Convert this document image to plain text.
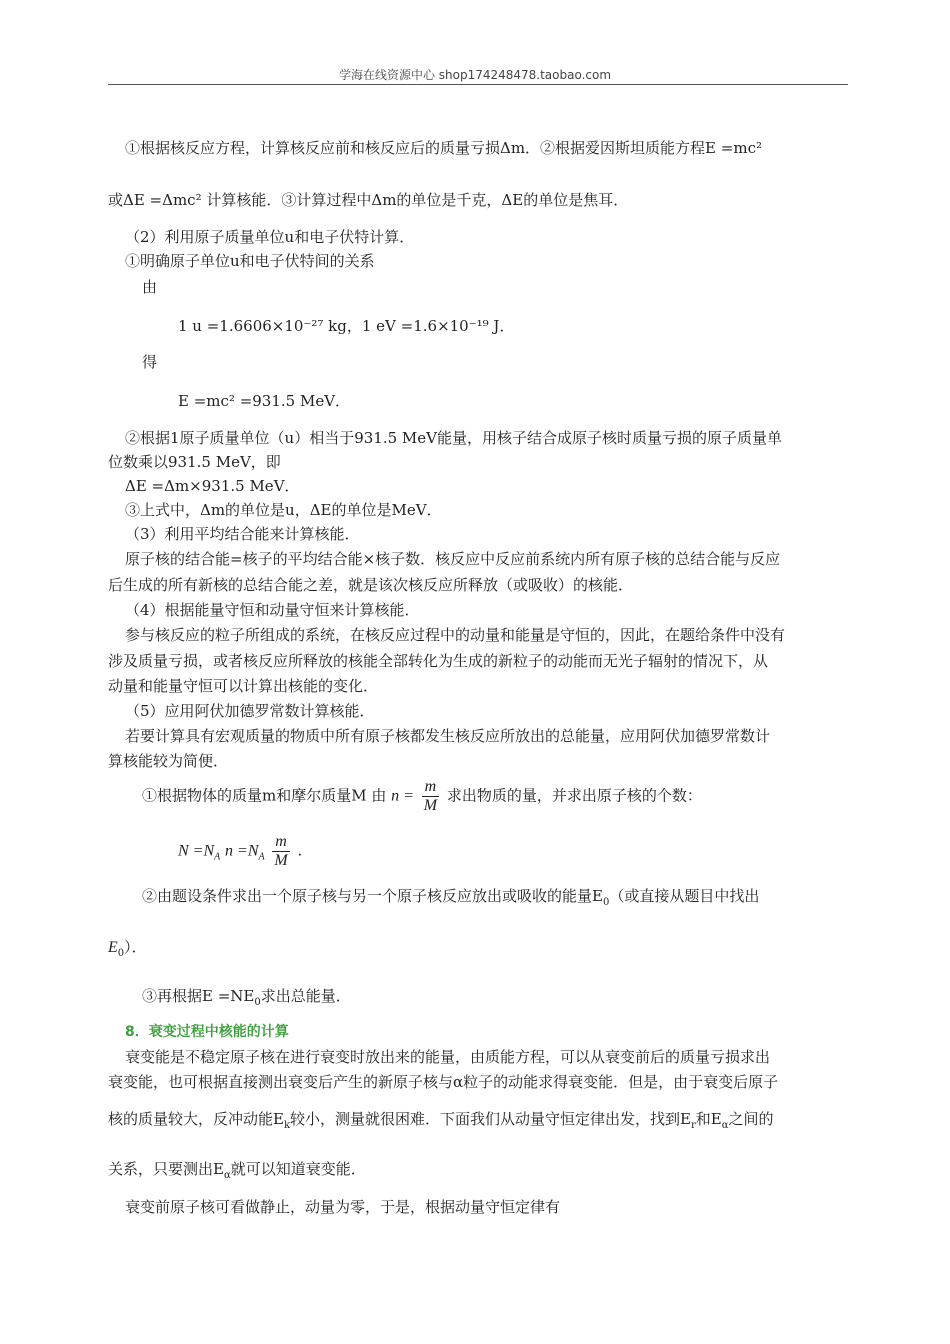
学海在线资源中心 shop174248478.taobao.com
①根据核反应方程，计算核反应前和核反应后的质量亏损Δm．②根据爱因斯坦质能方程E =mc²
或ΔE =Δmc² 计算核能．③计算过程中Δm的单位是千克，ΔE的单位是焦耳．
（2）利用原子质量单位u和电子伏特计算．
①明确原子单位u和电子伏特间的关系
由
1 u =1.6606×10⁻²⁷ kg，1 eV =1.6×10⁻¹⁹ J．
得
E =mc² =931.5 MeV．
②根据1原子质量单位（u）相当于931.5 MeV能量，用核子结合成原子核时质量亏损的原子质量单
位数乘以931.5 MeV，即
ΔE =Δm×931.5 MeV．
③上式中，Δm的单位是u，ΔE的单位是MeV．
（3）利用平均结合能来计算核能．
原子核的结合能=核子的平均结合能×核子数．核反应中反应前系统内所有原子核的总结合能与反应
后生成的所有新核的总结合能之差，就是该次核反应所释放（或吸收）的核能．
（4）根据能量守恒和动量守恒来计算核能．
参与核反应的粒子所组成的系统，在核反应过程中的动量和能量是守恒的，因此，在题给条件中没有
涉及质量亏损，或者核反应所释放的核能全部转化为生成的新粒子的动能而无光子辐射的情况下，从
动量和能量守恒可以计算出核能的变化．
（5）应用阿伏加德罗常数计算核能．
若要计算具有宏观质量的物质中所有原子核都发生核反应所放出的总能量，应用阿伏加德罗常数计
算核能较为简便．
①根据物体的质量m和摩尔质量M 由 $n = \frac{m}{M}$ 求出物质的量，并求出原子核的个数：
$N =N_A$ $n =N_A \frac{m}{M}$ .
②由题设条件求出一个原子核与另一个原子核反应放出或吸收的能量$E_0$（或直接从题目中找出
$E_0$）．
③再根据$E =NE_0$求出总能量．
8．衰变过程中核能的计算
衰变能是不稳定原子核在进行衰变时放出来的能量，由质能方程，可以从衰变前后的质量亏损求出
衰变能，也可根据直接测出衰变后产生的新原子核与α粒子的动能求得衰变能．但是，由于衰变后原子
核的质量较大，反冲动能$E_k$较小，测量就很困难．下面我们从动量守恒定律出发，找到$E_r$和$E_\alpha$之间的
关系，只要测出$E_\alpha$就可以知道衰变能．
衰变前原子核可看做静止，动量为零，于是，根据动量守恒定律有
